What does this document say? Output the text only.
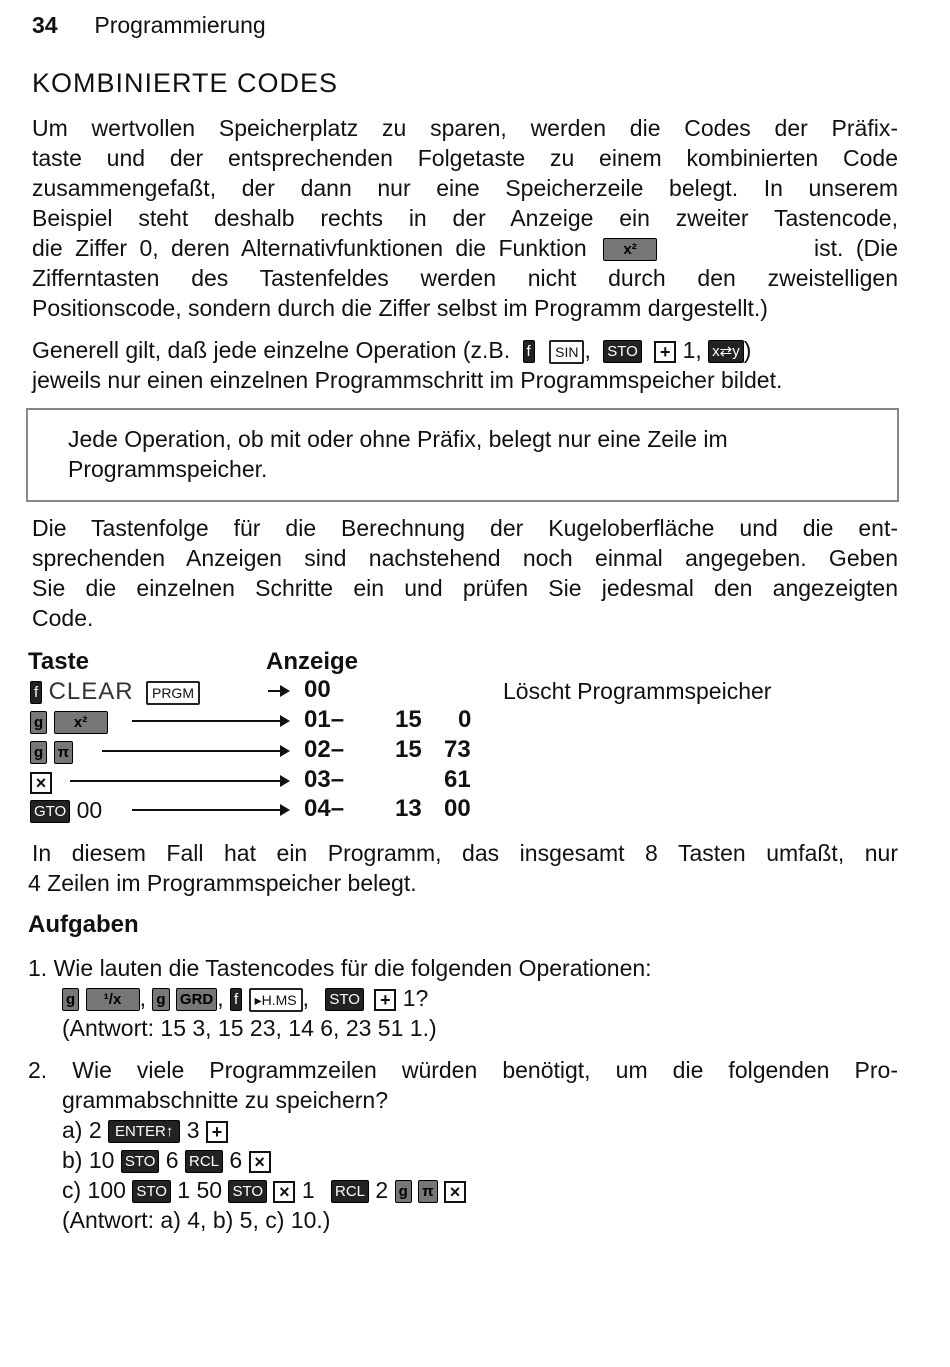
34 Programmierung
KOMBINIERTE CODES
Um wertvollen Speicherplatz zu sparen, werden die Codes der Präfix-
taste und der entsprechenden Folgetaste zu einem kombinierten Code
zusammengefaßt, der dann nur eine Speicherzeile belegt. In unserem
Beispiel steht deshalb rechts in der Anzeige ein zweiter Tastencode,
die Ziffer 0, deren Alternativfunktionen die Funktion x²	ist. (Die
Zifferntasten des Tastenfeldes werden nicht durch den zweistelligen
Positionscode, sondern durch die Ziffer selbst im Programm dargestellt.)
Generell gilt, daß jede einzelne Operation (z.B. f SIN , STO + 1, x⇄y )
jeweils nur einen einzelnen Programmschritt im Programmspeicher bildet.
Jede Operation, ob mit oder ohne Präfix, belegt nur eine Zeile im
Programmspeicher.
Die Tastenfolge für die Berechnung der Kugeloberfläche und die ent-
sprechenden Anzeigen sind nachstehend noch einmal angegeben. Geben
Sie die einzelnen Schritte ein und prüfen Sie jedesmal den angezeigten
Code.
Taste	Anzeige
f CLEAR PRGM	00	Löscht Programmspeicher
g x²	01– 15 0
g π	02– 15 73
×	03–	61
GTO 00	04– 13 00
In diesem Fall hat ein Programm, das insgesamt 8 Tasten umfaßt, nur
4 Zeilen im Programmspeicher belegt.
Aufgaben
1. Wie lauten die Tastencodes für die folgenden Operationen:
g ¹/x , g GRD , f ▸H.MS , STO + 1?
(Antwort: 15 3, 15 23, 14 6, 23 51 1.)
2. Wie viele Programmzeilen würden benötigt, um die folgenden Pro-
grammabschnitte zu speichern?
a) 2 ENTER↑ 3 +
b) 10 STO 6 RCL 6 ×
c) 100 STO 1 50 STO × 1 RCL 2 g π ×
(Antwort: a) 4, b) 5, c) 10.)
